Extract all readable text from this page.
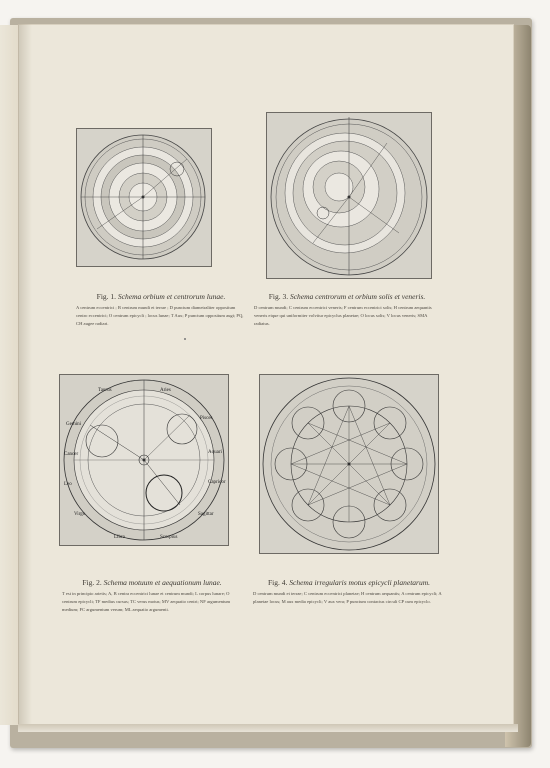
Taurus
Gemini
Cancer
Leo
Virgo
Libra	Scorpius
Sagittar
Capricor
Aquari
Pisces
Aries
Fig. 1. Schema orbium et centrorum lunae.
A centrum eccentrici ; B centrum mundi et terrae ; D punctum diametraliter oppositum centro eccentrici; O centrum epicycli ; locus lunae; T Aux; P punctum oppositum augi; PQ, CH augee radiari.
Fig. 3. Schema centrorum et orbium solis et veneris.
D centrum mundi; C centrum eccentrici veneris; F centrum eccentrici solis; H centrum aequantis veneris eique qui uniformiter volvitur epicyclus planetae; O locus solis; V locus veneris; SMA radiatus.
Fig. 2. Schema motuum et aequationum lunae.
T est in principio arietis; A, B centra eccentrici lunae et centrum mundi; L corpus lunare; O centrum epicycli; TF medius cursus; TC verus motus; MV aequatio centri; NF argumentum medium; FC argumentum verum; ML aequatio argumenti.
Fig. 4. Schema irregularis motus epicycli planetarum.
D centrum mundi et terrae; C centrum eccentrici planetae; H centrum aequantis; A centrum epicycli; A planetae locus; M aux media epicycli; V aux vera; P punctum contactus circuli CP cum epicyclo.
